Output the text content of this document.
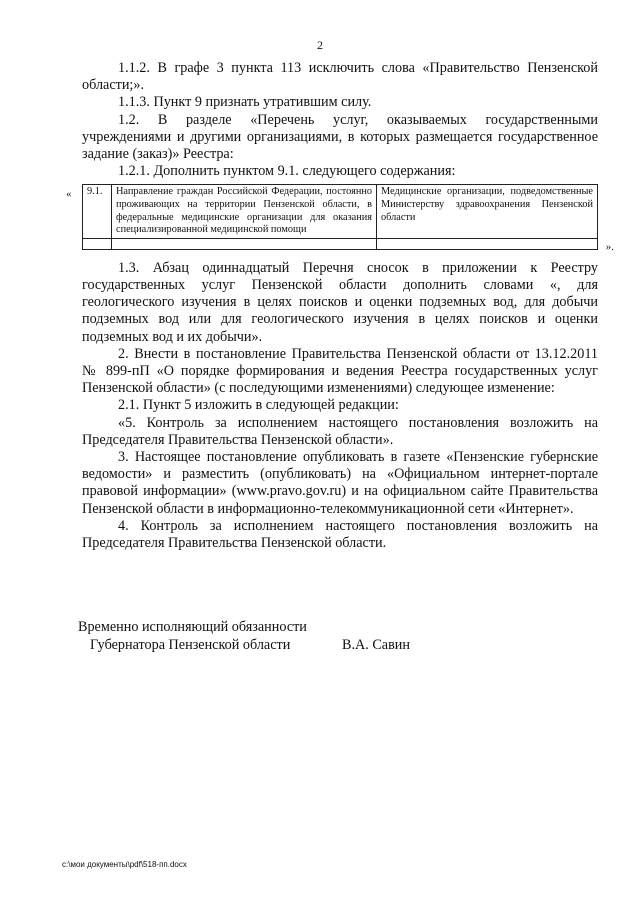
2

1.1.2. В графе 3 пункта 113 исключить слова «Правительство Пензенской области;».

1.1.3. Пункт 9 признать утратившим силу.

1.2. В разделе «Перечень услуг, оказываемых государственными учреждениями и другими организациями, в которых размещается государственное задание (заказ)» Реестра:

1.2.1. Дополнить пунктом 9.1. следующего содержания:

« 9.1.	Направление граждан Российской Федерации, постоянно проживающих на территории Пензенской области, в федеральные медицинские организации для оказания специализированной медицинской помощи	Медицинские организации, подведомственные Министерству здравоохранения Пензенской области

».

1.3. Абзац одиннадцатый Перечня сносок в приложении к Реестру государственных услуг Пензенской области дополнить словами «, для геологического изучения в целях поисков и оценки подземных вод, для добычи подземных вод или для геологического изучения в целях поисков и оценки подземных вод и их добычи».

2. Внести в постановление Правительства Пензенской области от 13.12.2011 № 899-пП «О порядке формирования и ведения Реестра государственных услуг Пензенской области» (с последующими изменениями) следующее изменение:

2.1. Пункт 5 изложить в следующей редакции:

«5. Контроль за исполнением настоящего постановления возложить на Председателя Правительства Пензенской области».

3. Настоящее постановление опубликовать в газете «Пензенские губернские ведомости» и разместить (опубликовать) на «Официальном интернет-портале правовой информации» (www.pravo.gov.ru) и на официальном сайте Правительства Пензенской области в информационно-телекоммуникационной сети «Интернет».

4. Контроль за исполнением настоящего постановления возложить на Председателя Правительства Пензенской области.

Временно исполняющий обязанности
Губернатора Пензенской области	В.А. Савин
c:\мои документы\pdf\518-пп.docx
